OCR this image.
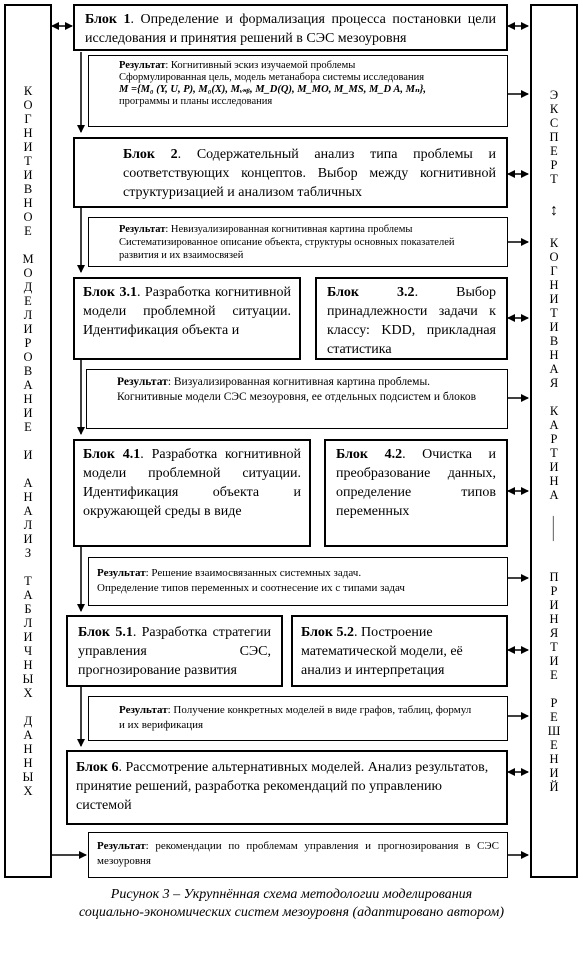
К
О
Г
Н
И
Т
И
В
Н
О
Е
М
О
Д
Е
Л
И
Р
О
В
А
Н
И
Е
И
А
Н
А
Л
И
З
Т
А
Б
Л
И
Ч
Н
Ы
Х
Д
А
Н
Н
Ы
Х
Э
К
С
П
Е
Р
Т
↕
К
О
Г
Н
И
Т
И
В
Н
А
Я
К
А
Р
Т
И
Н
А
——
П
Р
И
Н
Я
Т
И
Е
Р
Е
Ш
Е
Н
И
Й
Блок 1. Определение и формализация процесса постановки цели исследования и принятия решений в СЭС мезоуровня

Результат: Когнитивный эскиз изучаемой проблемы

Сформулированная цель, модель метанабора системы исследования

M ={M₀ (Y, U, P), M₀(X), Mᵥₛᵦ, M_D(Q), M_MO, M_MS, M_D A, Mₙ},

программы и планы исследования

Блок 2. Содержательный анализ типа проблемы и соответствующих концептов. Выбор между когнитивной структуризацией и анализом табличных
Результат: Невизуализированная когнитивная картина проблемы Систематизированное описание объекта, структуры основных показателей развития и их взаимосвязей
Блок 3.1. Разработка когнитивной модели проблемной ситуации. Идентификация объекта и
Блок 3.2. Выбор принадлежности задачи к классу: KDD, прикладная статистика
Результат: Визуализированная когнитивная картина проблемы. Когнитивные модели СЭС мезоуровня, ее отдельных подсистем и блоков
Блок 4.1. Разработка когнитивной модели проблемной ситуации. Идентификация объекта и окружающей среды в виде
Блок 4.2. Очистка и преобразование данных, определение типов переменных

Результат: Решение взаимосвязанных системных задач.

Определение типов переменных и соотнесение их с типами задач

Блок 5.1. Разработка стратегии управления СЭС, прогнозирование развития
Блок 5.2. Построение математической модели, её анализ и интерпретация
Результат: Получение конкретных моделей в виде графов, таблиц, формул и их верификация
Блок 6. Рассмотрение альтернативных моделей. Анализ результатов, принятие решений, разработка рекомендаций по управлению системой
Результат: рекомендации по проблемам управления и прогнозирования в СЭС мезоуровня
Рисунок 3 – Укрупнённая схема методологии моделирования
социально-экономических систем мезоуровня (адаптировано автором)
